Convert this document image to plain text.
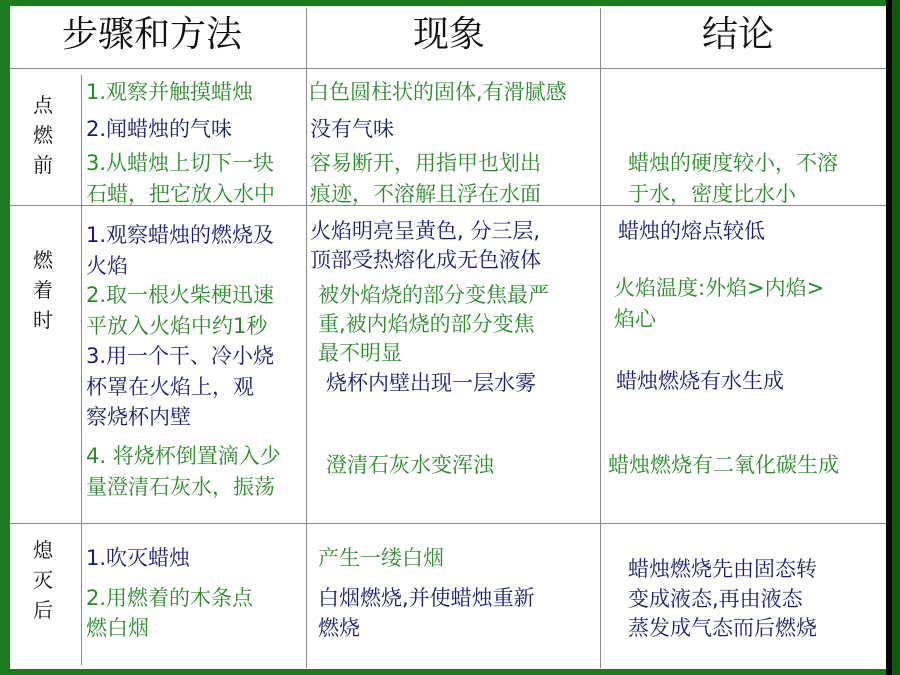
步骤和方法	现象	结论
点
燃
前
燃
着
时
熄
灭
后
1.观察并触摸蜡烛
2.闻蜡烛的气味
3.从蜡烛上切下一块
石蜡，把它放入水中
白色圆柱状的固体,有滑腻感
没有气味
容易断开，用指甲也划出
痕迹，不溶解且浮在水面
蜡烛的硬度较小，不溶
于水，密度比水小
1.观察蜡烛的燃烧及
火焰
2.取一根火柴梗迅速
平放入火焰中约1秒
3.用一个干、冷小烧
杯罩在火焰上，观
察烧杯内壁
4. 将烧杯倒置滴入少
量澄清石灰水，振荡
火焰明亮呈黄色, 分三层,
顶部受热熔化成无色液体
被外焰烧的部分变焦最严
重,被内焰烧的部分变焦
最不明显
烧杯内壁出现一层水雾
澄清石灰水变浑浊
蜡烛的熔点较低
火焰温度:外焰>内焰>
焰心
蜡烛燃烧有水生成
蜡烛燃烧有二氧化碳生成
1.吹灭蜡烛
2.用燃着的木条点
燃白烟
产生一缕白烟
白烟燃烧,并使蜡烛重新
燃烧
蜡烛燃烧先由固态转
变成液态,再由液态
蒸发成气态而后燃烧
